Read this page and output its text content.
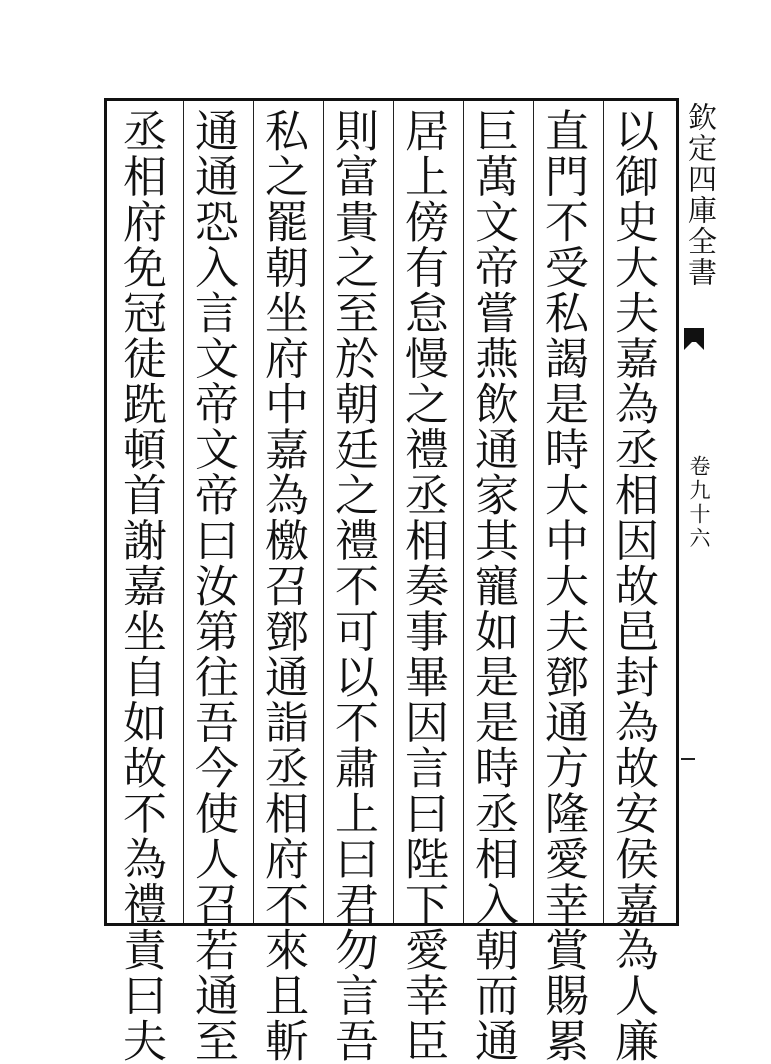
以御史大夫嘉為丞相因故邑封為故安侯嘉為人廉
直門不受私謁是時大中大夫鄧通方隆愛幸賞賜累
巨萬文帝嘗燕飲通家其寵如是是時丞相入朝而通
居上傍有怠慢之禮丞相奏事畢因言曰陛下愛幸臣
則富貴之至於朝廷之禮不可以不肅上曰君勿言吾
私之罷朝坐府中嘉為檄召鄧通詣丞相府不來且斬
通通恐入言文帝文帝曰汝第往吾今使人召若通至
丞相府免冠徒跣頓首謝嘉坐自如故不為禮責曰夫	欽定四庫全書
卷九十六
